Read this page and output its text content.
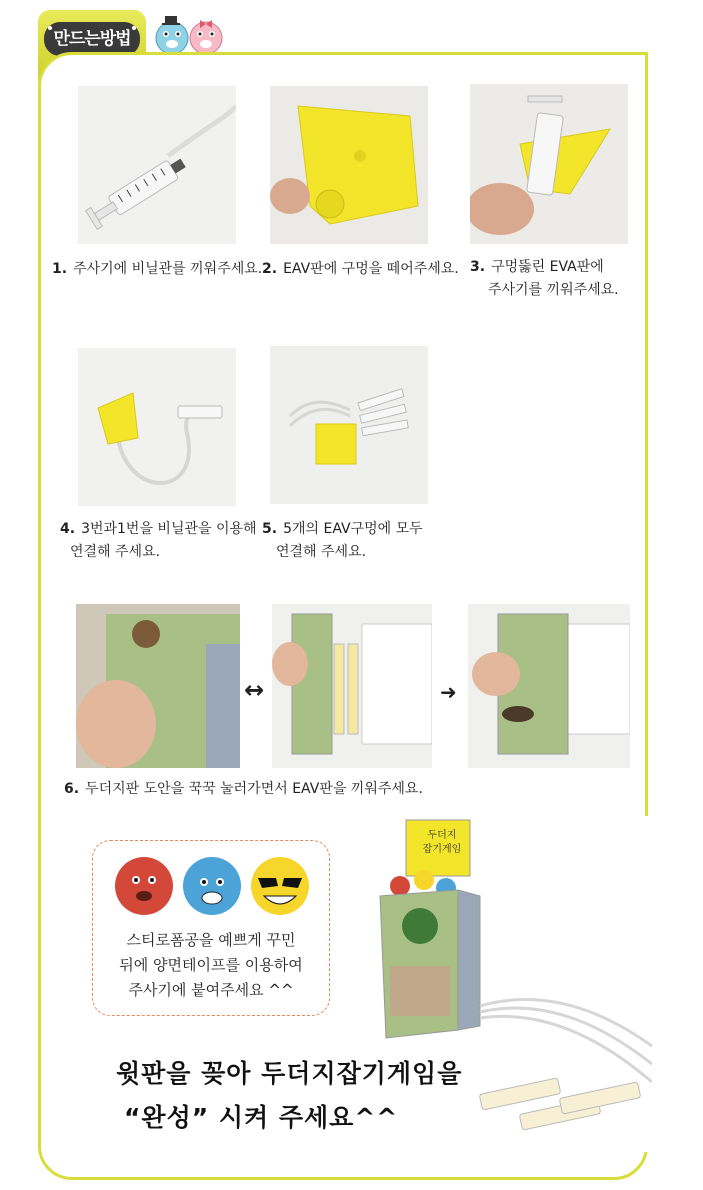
만드는방법
1. 주사기에 비닐관를 끼워주세요. 2. EAV판에 구멍을 떼어주세요. 3. 구멍뚫린 EVA판에
주사기를 끼워주세요.
4. 3번과1번을 비닐관을 이용해
연결해 주세요.
5. 5개의 EAV구멍에 모두
연결해 주세요.
↔	➜
6. 두더지판 도안을 꾹꾹 눌러가면서 EAV판을 끼워주세요.
스티로폼공을 예쁘게 꾸민
뒤에 양면테이프를 이용하여
주사기에 붙여주세요 ^^
두더지
잡기게임
윗판을 꽂아 두더지잡기게임을
“완성” 시켜 주세요^^
